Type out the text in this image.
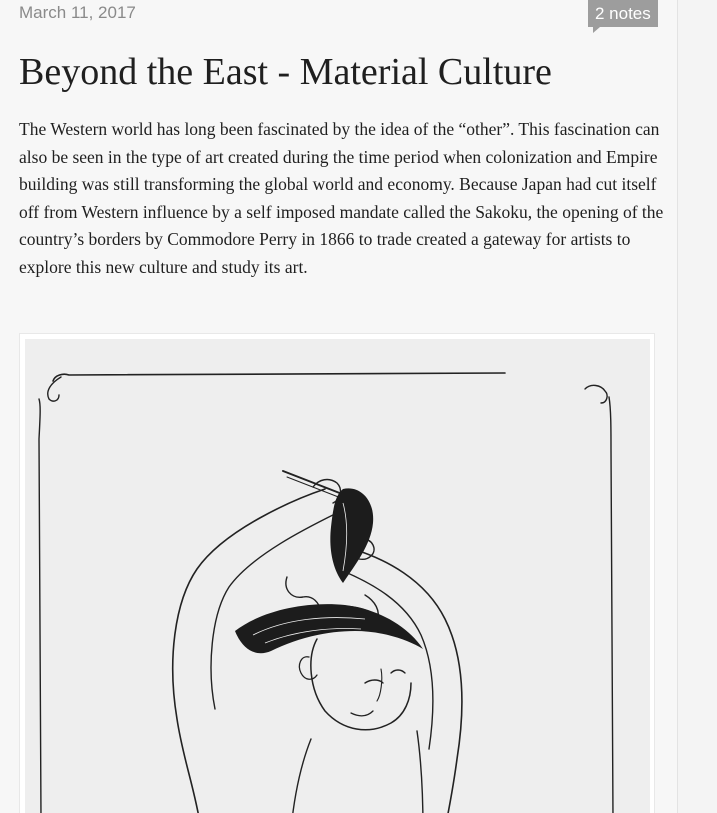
March 11, 2017	2 notes
Beyond the East - Material Culture

The Western world has long been fascinated by the idea of the “other”. This fascination can also be seen in the type of art created during the time period when colonization and Empire building was still transforming the global world and economy. Because Japan had cut itself off from Western influence by a self imposed mandate called the Sakoku, the opening of the country’s borders by Commodore Perry in 1866 to trade created a gateway for artists to explore this new culture and study its art.
